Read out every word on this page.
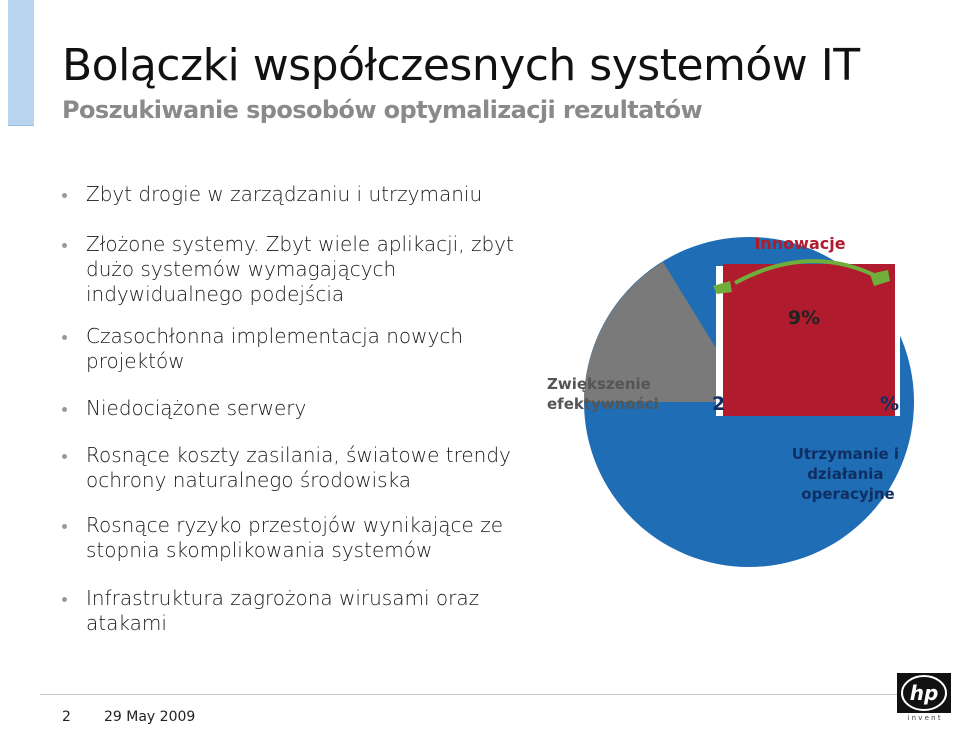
Bolączki współczesnych systemów IT
Poszukiwanie sposobów optymalizacji rezultatów
Zbyt drogie w zarządzaniu i utrzymaniu
Złożone systemy. Zbyt wiele aplikacji, zbyt dużo systemów wymagających indywidualnego podejścia
Czasochłonna implementacja nowych projektów
Niedociążone serwery
Rosnące koszty zasilania, światowe trendy ochrony naturalnego środowiska
Rosnące ryzyko przestojów wynikające ze stopnia skomplikowania systemów
Infrastruktura zagrożona wirusami oraz atakami
Innowacje
9%
2	%
Utrzymanie i działania operacyjne
Zwiększenie
efektywności
2 29 May 2009
hp
i n v e n t
